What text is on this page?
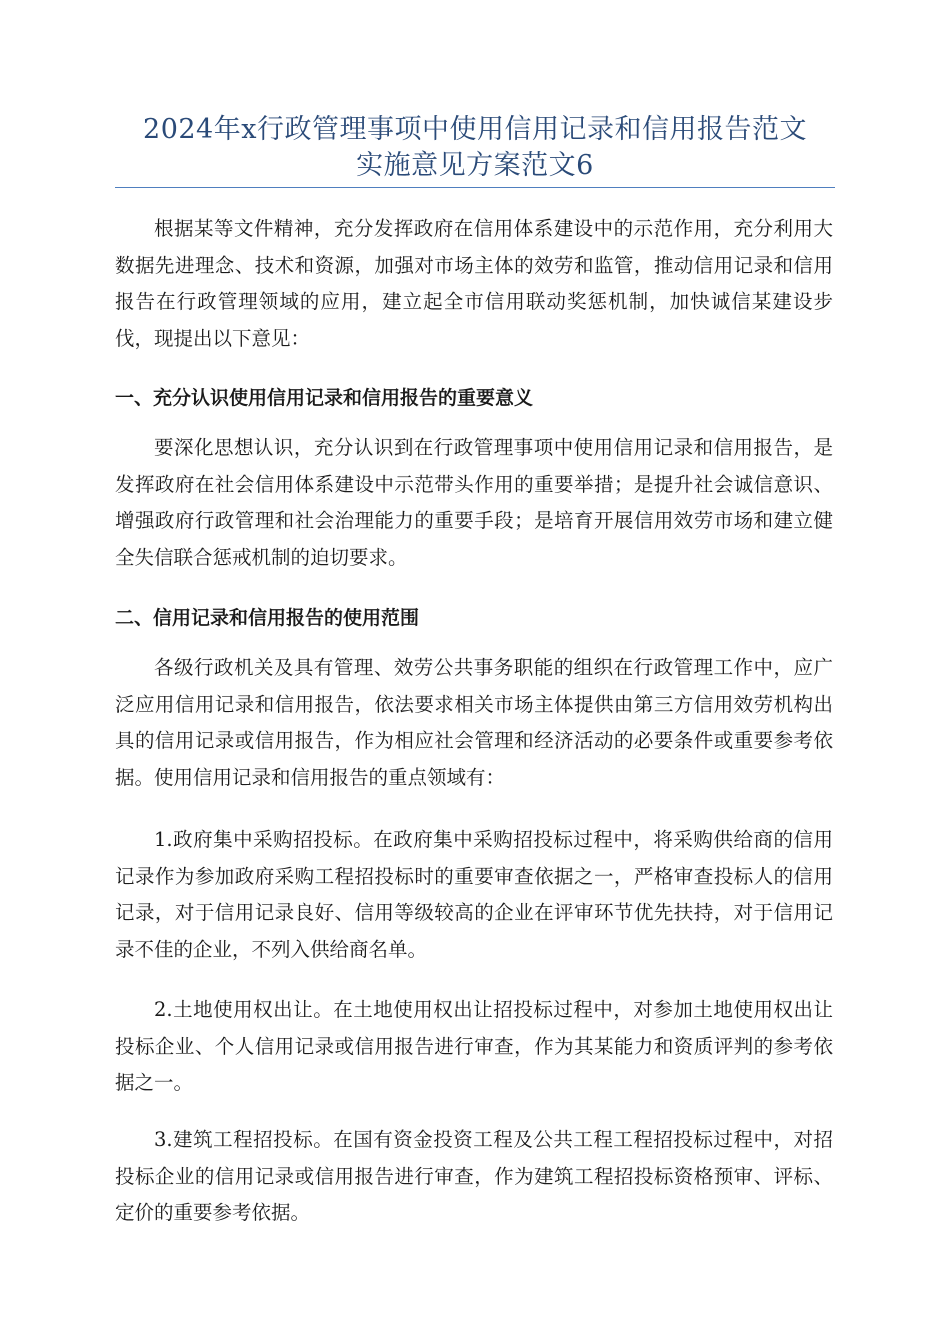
2024年x行政管理事项中使用信用记录和信用报告范文
实施意见方案范文6

根据某等文件精神，充分发挥政府在信用体系建设中的示范作用，充分利用大数据先进理念、技术和资源，加强对市场主体的效劳和监管，推动信用记录和信用报告在行政管理领域的应用，建立起全市信用联动奖惩机制，加快诚信某建设步伐，现提出以下意见：

一、充分认识使用信用记录和信用报告的重要意义

要深化思想认识，充分认识到在行政管理事项中使用信用记录和信用报告，是发挥政府在社会信用体系建设中示范带头作用的重要举措；是提升社会诚信意识、增强政府行政管理和社会治理能力的重要手段；是培育开展信用效劳市场和建立健全失信联合惩戒机制的迫切要求。

二、信用记录和信用报告的使用范围

各级行政机关及具有管理、效劳公共事务职能的组织在行政管理工作中，应广泛应用信用记录和信用报告，依法要求相关市场主体提供由第三方信用效劳机构出具的信用记录或信用报告，作为相应社会管理和经济活动的必要条件或重要参考依据。使用信用记录和信用报告的重点领域有：

1.政府集中采购招投标。在政府集中采购招投标过程中，将采购供给商的信用记录作为参加政府采购工程招投标时的重要审查依据之一，严格审查投标人的信用记录，对于信用记录良好、信用等级较高的企业在评审环节优先扶持，对于信用记录不佳的企业，不列入供给商名单。

2.土地使用权出让。在土地使用权出让招投标过程中，对参加土地使用权出让投标企业、个人信用记录或信用报告进行审查，作为其某能力和资质评判的参考依据之一。

3.建筑工程招投标。在国有资金投资工程及公共工程工程招投标过程中，对招投标企业的信用记录或信用报告进行审查，作为建筑工程招投标资格预审、评标、定价的重要参考依据。
